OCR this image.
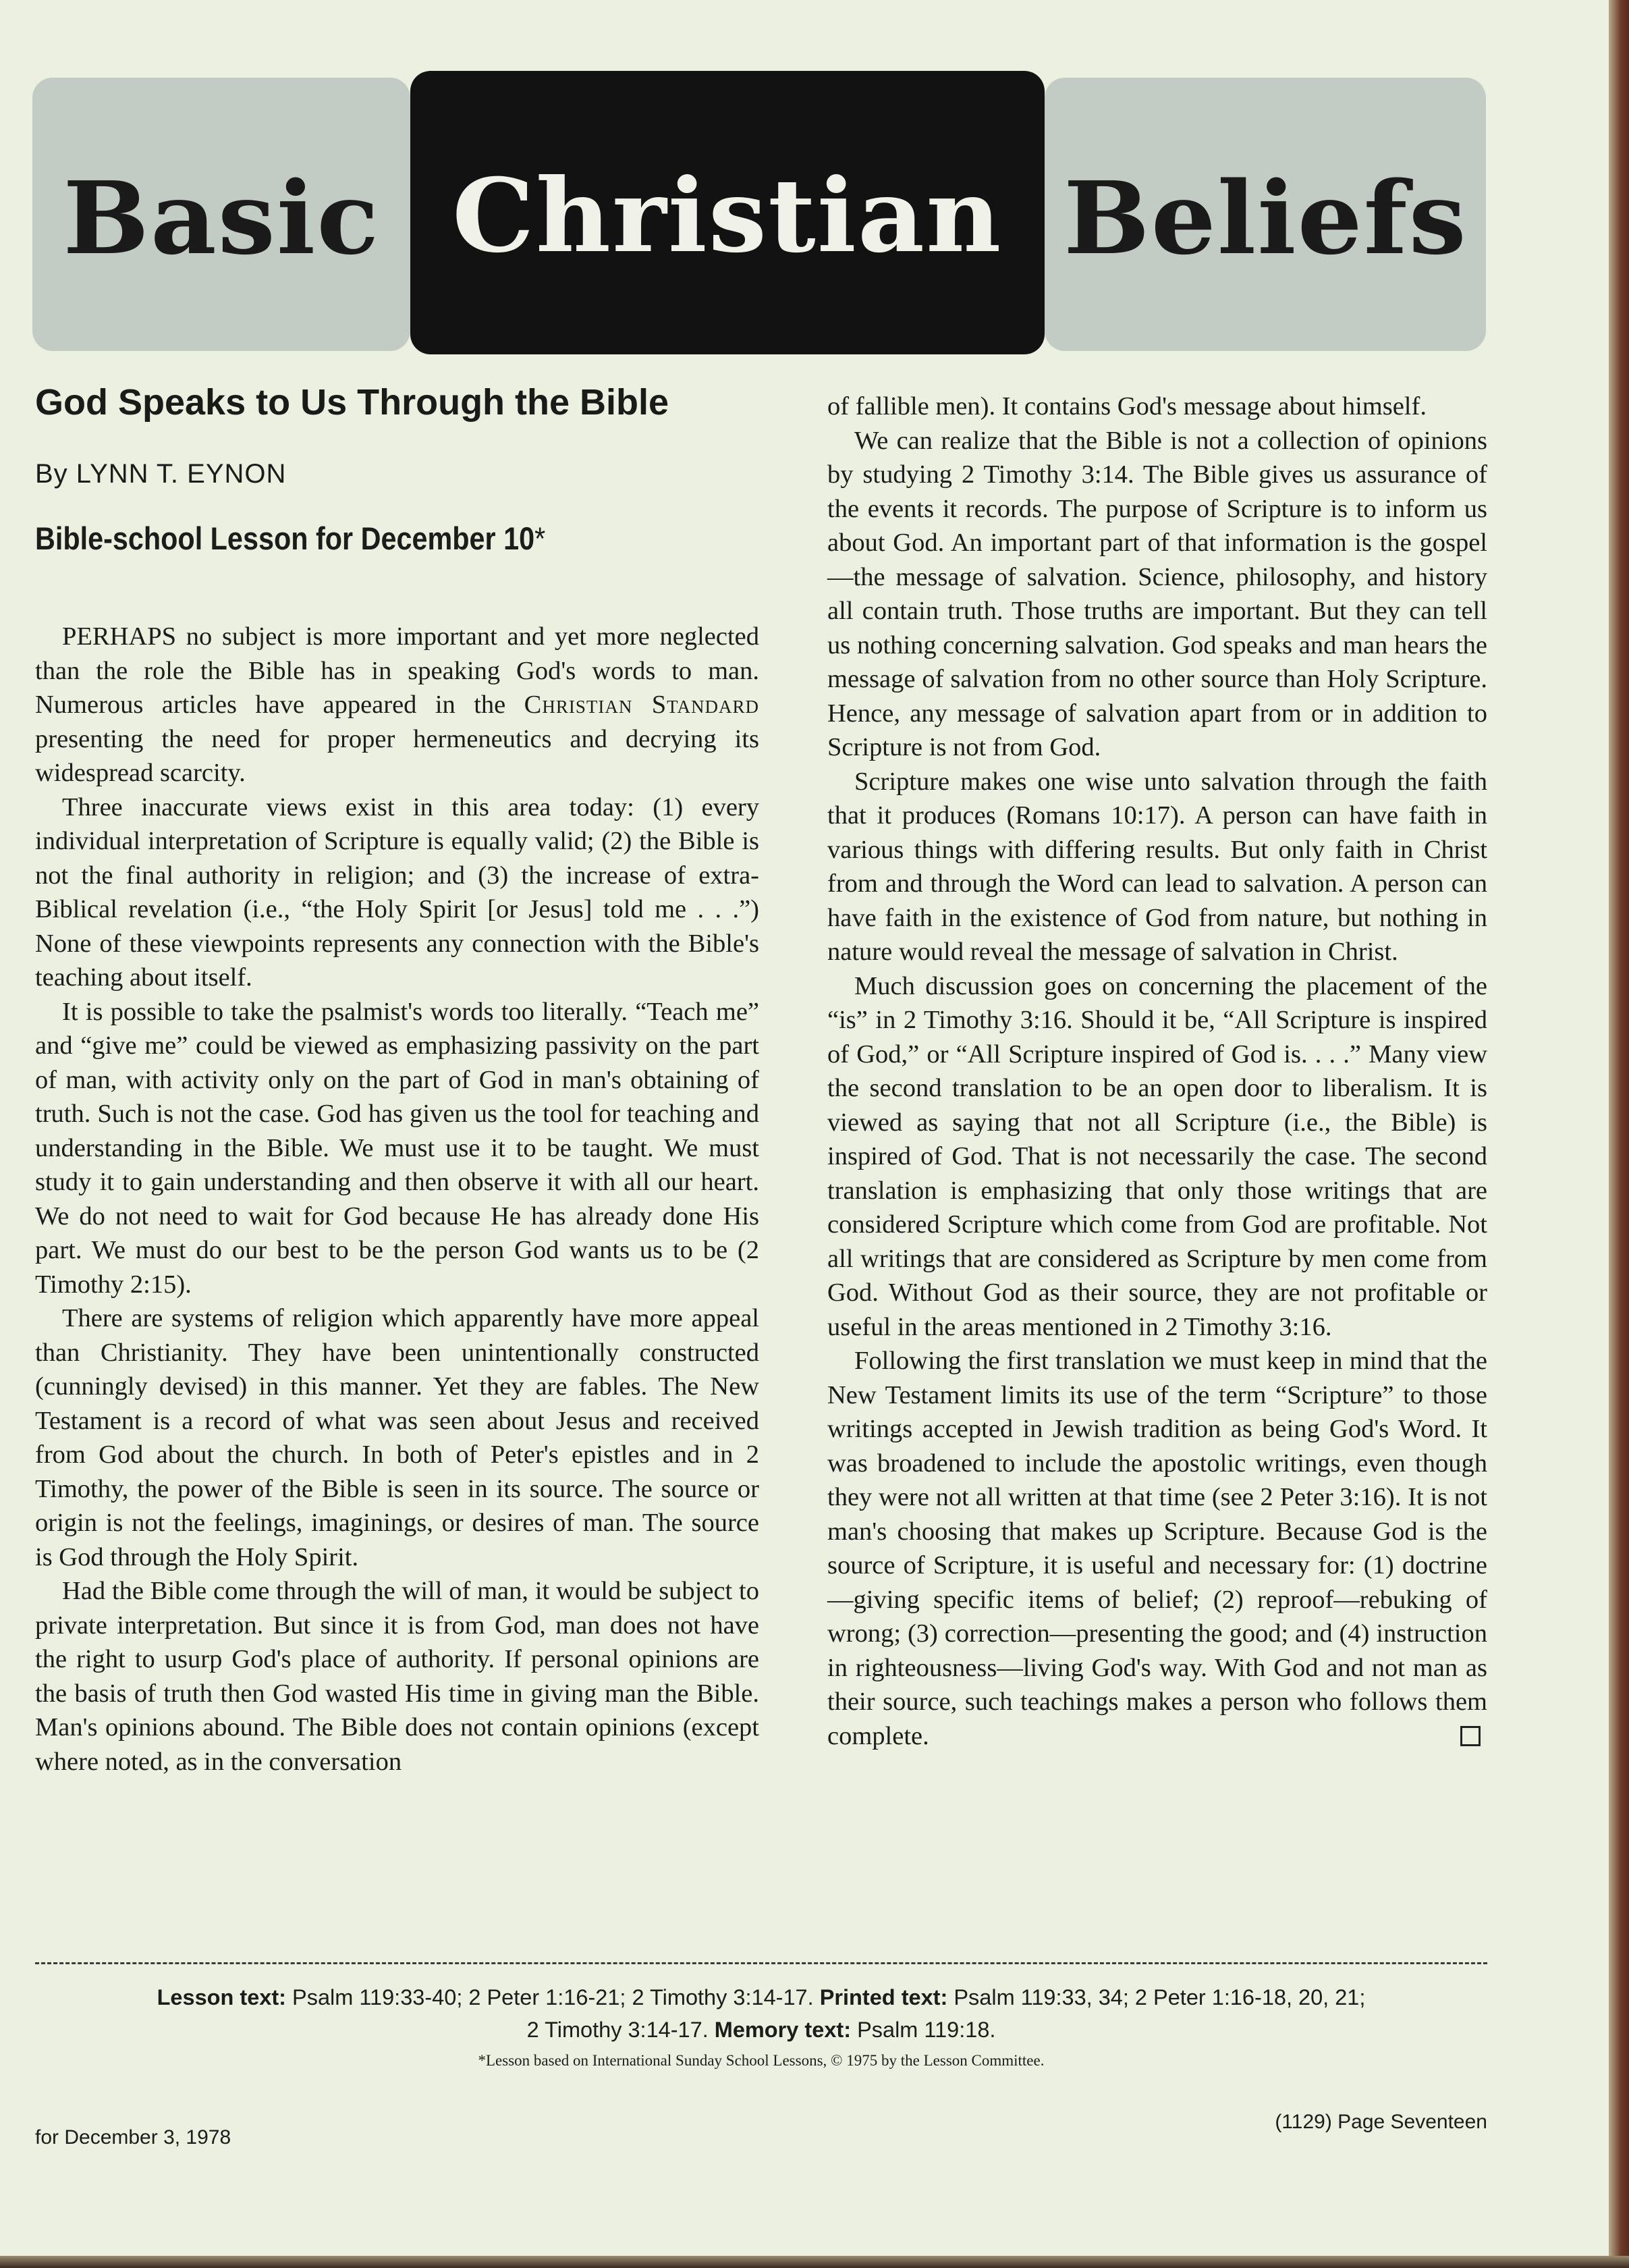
Basic Christian Beliefs
God Speaks to Us Through the Bible
By LYNN T. EYNON
Bible-school Lesson for December 10*

PERHAPS no subject is more important and yet more neglected than the role the Bible has in speaking God's words to man. Numerous articles have appeared in the Christian Standard presenting the need for proper hermeneutics and decrying its widespread scarcity.

Three inaccurate views exist in this area today: (1) every individual interpretation of Scripture is equally valid; (2) the Bible is not the final authority in religion; and (3) the increase of extra-Biblical revelation (i.e., “the Holy Spirit [or Jesus] told me . . .”) None of these viewpoints represents any connection with the Bible's teaching about itself.

It is possible to take the psalmist's words too literally. “Teach me” and “give me” could be viewed as emphasizing passivity on the part of man, with activity only on the part of God in man's obtaining of truth. Such is not the case. God has given us the tool for teaching and understanding in the Bible. We must use it to be taught. We must study it to gain understanding and then observe it with all our heart. We do not need to wait for God because He has already done His part. We must do our best to be the person God wants us to be (2 Timothy 2:15).

There are systems of religion which apparently have more appeal than Christianity. They have been unintentionally constructed (cunningly devised) in this manner. Yet they are fables. The New Testament is a record of what was seen about Jesus and received from God about the church. In both of Peter's epistles and in 2 Timothy, the power of the Bible is seen in its source. The source or origin is not the feelings, imaginings, or desires of man. The source is God through the Holy Spirit.

Had the Bible come through the will of man, it would be subject to private interpretation. But since it is from God, man does not have the right to usurp God's place of authority. If personal opinions are the basis of truth then God wasted His time in giving man the Bible. Man's opinions abound. The Bible does not contain opinions (except where noted, as in the conversation

of fallible men). It contains God's message about himself.

We can realize that the Bible is not a collection of opinions by studying 2 Timothy 3:14. The Bible gives us assurance of the events it records. The purpose of Scripture is to inform us about God. An important part of that information is the gospel—the message of salvation. Science, philosophy, and history all contain truth. Those truths are important. But they can tell us nothing concerning salvation. God speaks and man hears the message of salvation from no other source than Holy Scripture. Hence, any message of salvation apart from or in addition to Scripture is not from God.

Scripture makes one wise unto salvation through the faith that it produces (Romans 10:17). A person can have faith in various things with differing results. But only faith in Christ from and through the Word can lead to salvation. A person can have faith in the existence of God from nature, but nothing in nature would reveal the message of salvation in Christ.

Much discussion goes on concerning the placement of the “is” in 2 Timothy 3:16. Should it be, “All Scripture is inspired of God,” or “All Scripture inspired of God is. . . .” Many view the second translation to be an open door to liberalism. It is viewed as saying that not all Scripture (i.e., the Bible) is inspired of God. That is not necessarily the case. The second translation is emphasizing that only those writings that are considered Scripture which come from God are profitable. Not all writings that are considered as Scripture by men come from God. Without God as their source, they are not profitable or useful in the areas mentioned in 2 Timothy 3:16.

Following the first translation we must keep in mind that the New Testament limits its use of the term “Scripture” to those writings accepted in Jewish tradition as being God's Word. It was broadened to include the apostolic writings, even though they were not all written at that time (see 2 Peter 3:16). It is not man's choosing that makes up Scripture. Because God is the source of Scripture, it is useful and necessary for: (1) doctrine—giving specific items of belief; (2) reproof—rebuking of wrong; (3) correction—presenting the good; and (4) instruction in righteousness—living God's way. With God and not man as their source, such teachings makes a person who follows them complete.

Lesson text: Psalm 119:33-40; 2 Peter 1:16-21; 2 Timothy 3:14-17. Printed text: Psalm 119:33, 34; 2 Peter 1:16-18, 20, 21;
2 Timothy 3:14-17. Memory text: Psalm 119:18.
*Lesson based on International Sunday School Lessons, © 1975 by the Lesson Committee.
for December 3, 1978
(1129) Page Seventeen
